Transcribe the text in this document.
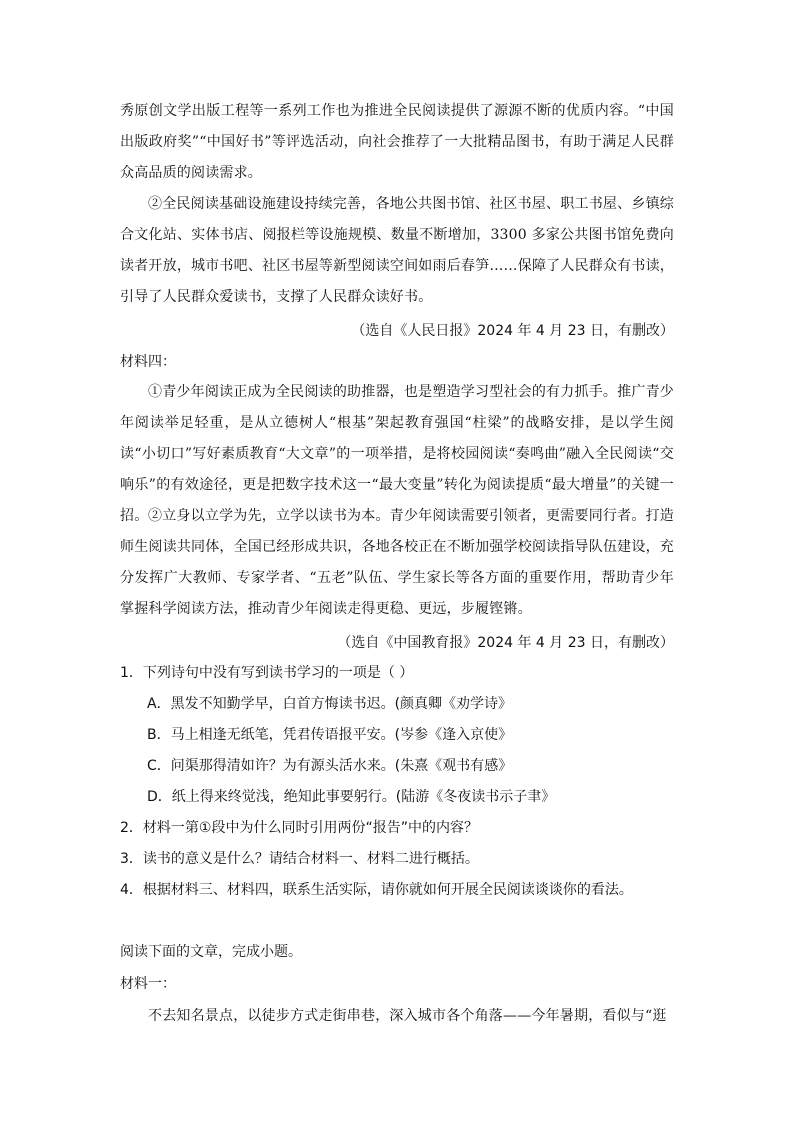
秀原创文学出版工程等一系列工作也为推进全民阅读提供了源源不断的优质内容。“中国出版政府奖”“中国好书”等评选活动，向社会推荐了一大批精品图书，有助于满足人民群众高品质的阅读需求。
②全民阅读基础设施建设持续完善，各地公共图书馆、社区书屋、职工书屋、乡镇综合文化站、实体书店、阅报栏等设施规模、数量不断增加，3300 多家公共图书馆免费向读者开放，城市书吧、社区书屋等新型阅读空间如雨后春笋……保障了人民群众有书读，引导了人民群众爱读书，支撑了人民群众读好书。
（选自《人民日报》2024 年 4 月 23 日，有删改）
材料四：
①青少年阅读正成为全民阅读的助推器，也是塑造学习型社会的有力抓手。推广青少年阅读举足轻重，是从立德树人“根基”架起教育强国“柱梁”的战略安排，是以学生阅读“小切口”写好素质教育“大文章”的一项举措，是将校园阅读“奏鸣曲”融入全民阅读“交响乐”的有效途径，更是把数字技术这一“最大变量”转化为阅读提质“最大增量”的关键一招。 ②立身以立学为先，立学以读书为本。青少年阅读需要引领者，更需要同行者。打造师生阅读共同体，全国已经形成共识，各地各校正在不断加强学校阅读指导队伍建设，充分发挥广大教师、专家学者、“五老”队伍、学生家长等各方面的重要作用，帮助青少年掌握科学阅读方法，推动青少年阅读走得更稳、更远，步履铿锵。
（选自《中国教育报》2024 年 4 月 23 日，有删改）
1．下列诗句中没有写到读书学习的一项是（ ）
A．黑发不知勤学早，白首方悔读书迟。(颜真卿《劝学诗》
B．马上相逢无纸笔，凭君传语报平安。(岑参《逢入京使》
C．问渠那得清如许？为有源头活水来。(朱熹《观书有感》
D．纸上得来终觉浅，绝知此事要躬行。(陆游《冬夜读书示子聿》
2．材料一第①段中为什么同时引用两份“报告”中的内容？
3．读书的意义是什么？请结合材料一、材料二进行概括。
4．根据材料三、材料四，联系生活实际，请你就如何开展全民阅读谈谈你的看法。
阅读下面的文章，完成小题。
材料一：
不去知名景点，以徒步方式走街串巷，深入城市各个角落——今年暑期，看似与“逛
